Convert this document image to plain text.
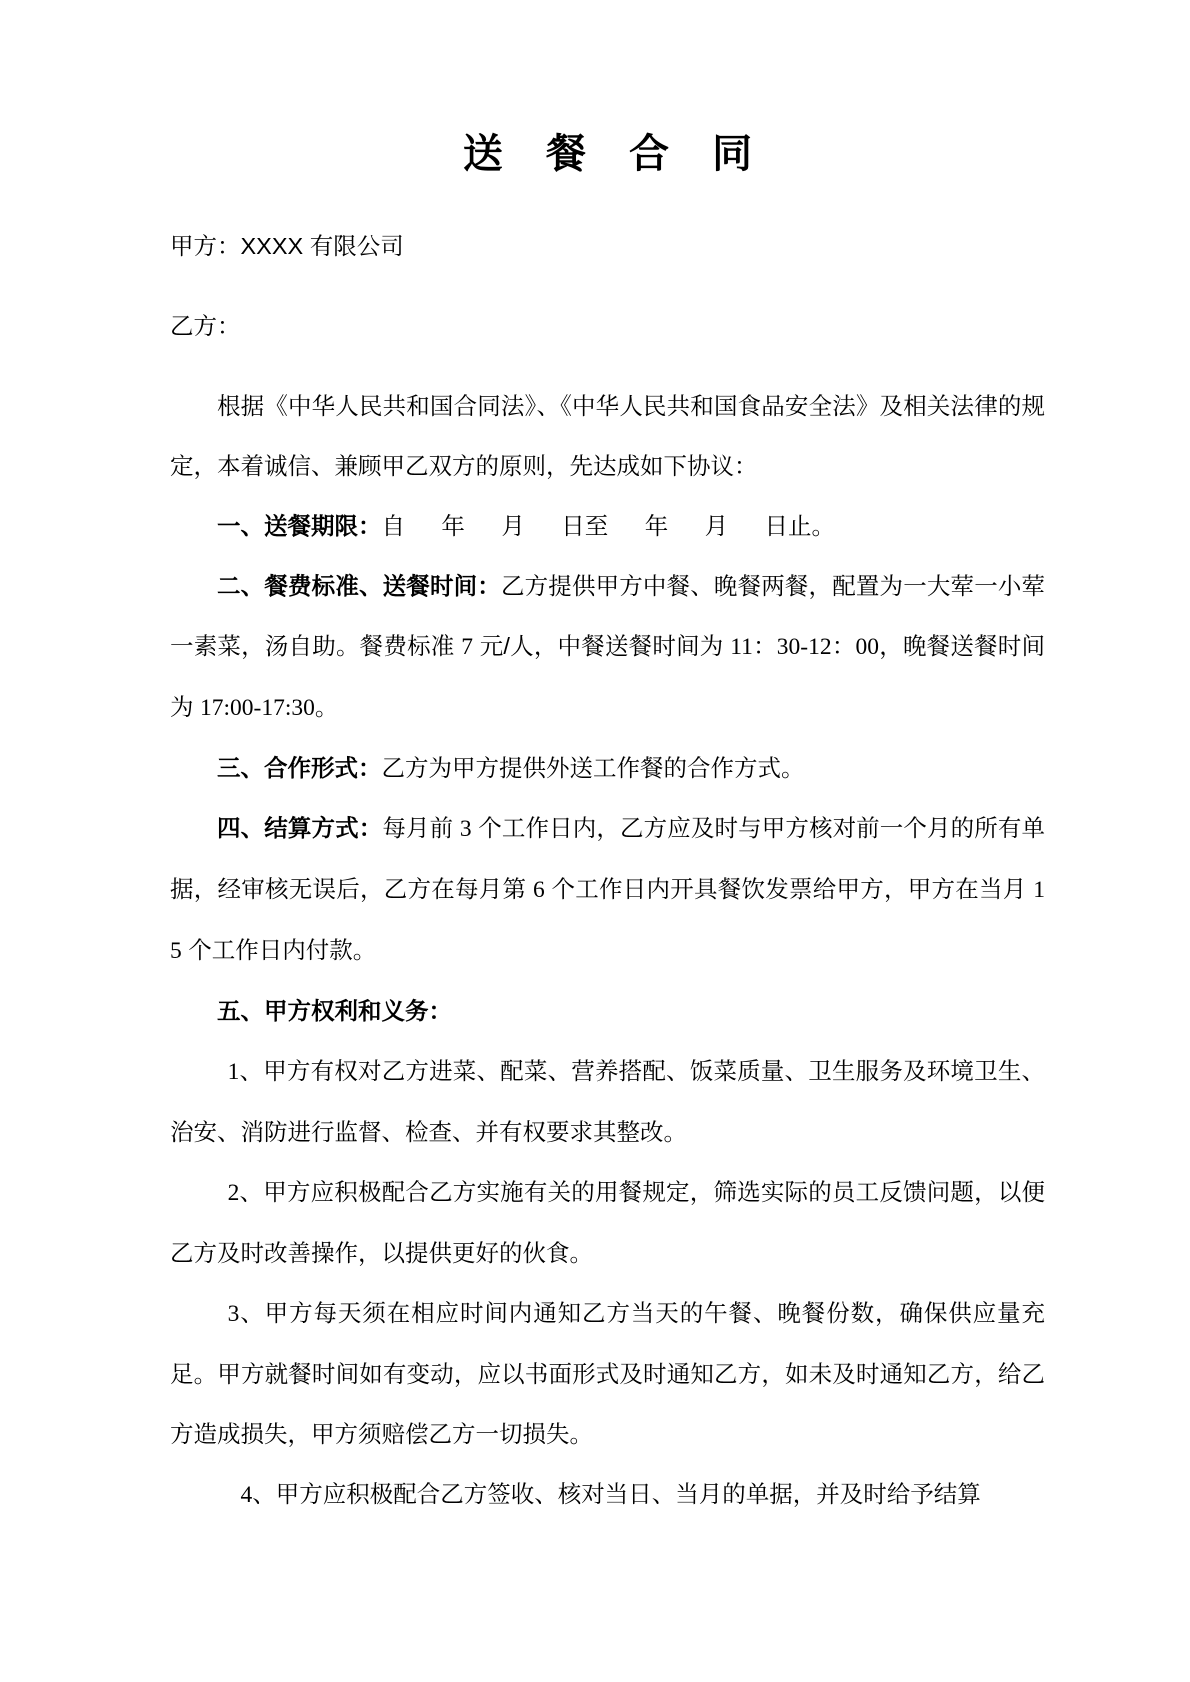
送 餐 合 同

甲方：XXXX 有限公司

乙方：

根据《中华人民共和国合同法》、《中华人民共和国食品安全法》及相关法律的规定，本着诚信、兼顾甲乙双方的原则，先达成如下协议：

一、送餐期限：自 年 月 日至 年 月 日止。

二、餐费标准、送餐时间：乙方提供甲方中餐、晚餐两餐，配置为一大荤一小荤一素菜，汤自助。餐费标准 7 元/人，中餐送餐时间为 11：30-12：00，晚餐送餐时间为 17:00-17:30。

三、合作形式：乙方为甲方提供外送工作餐的合作方式。

四、结算方式：每月前 3 个工作日内，乙方应及时与甲方核对前一个月的所有单据，经审核无误后，乙方在每月第 6 个工作日内开具餐饮发票给甲方，甲方在当月 15 个工作日内付款。

五、甲方权利和义务：

1、甲方有权对乙方进菜、配菜、营养搭配、饭菜质量、卫生服务及环境卫生、治安、消防进行监督、检查、并有权要求其整改。

2、甲方应积极配合乙方实施有关的用餐规定，筛选实际的员工反馈问题，以便乙方及时改善操作，以提供更好的伙食。

3、甲方每天须在相应时间内通知乙方当天的午餐、晚餐份数，确保供应量充足。甲方就餐时间如有变动，应以书面形式及时通知乙方，如未及时通知乙方，给乙方造成损失，甲方须赔偿乙方一切损失。

4、甲方应积极配合乙方签收、核对当日、当月的单据，并及时给予结算
